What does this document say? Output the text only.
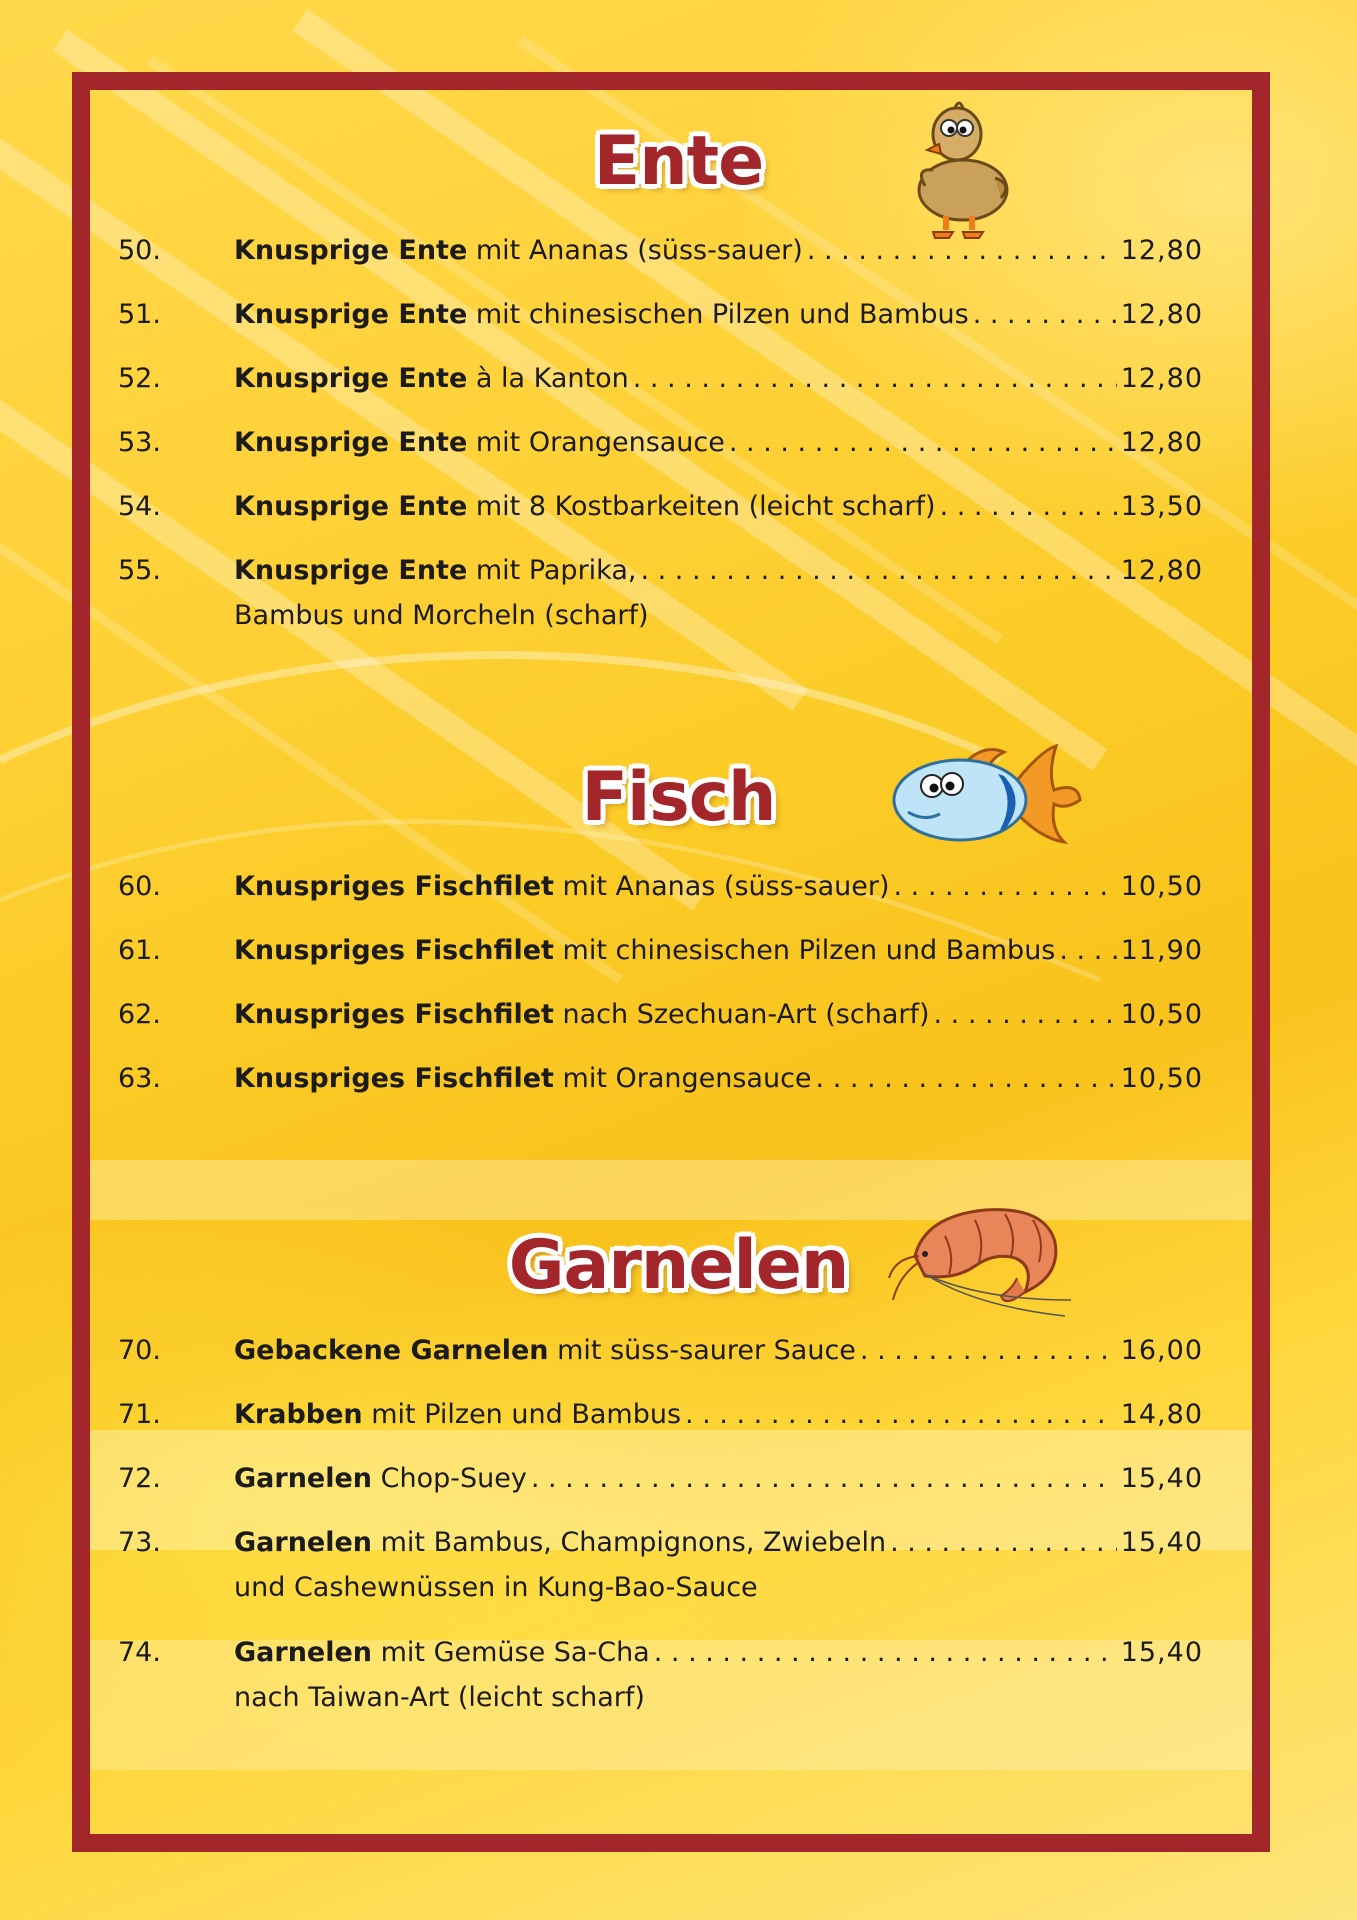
Ente
50.	Knusprige Ente mit Ananas (süss-sauer) . . .	12,80
51.	Knusprige Ente mit chinesischen Pilzen und Bambus . . .	12,80
52.	Knusprige Ente à la Kanton . . .	12,80
53.	Knusprige Ente mit Orangensauce . . .	12,80
54.	Knusprige Ente mit 8 Kostbarkeiten (leicht scharf) . . .	13,50
55.	Knusprige Ente mit Paprika, . . .	12,80
Bambus und Morcheln (scharf)
Fisch
60.	Knuspriges Fischfilet mit Ananas (süss-sauer) . . .	10,50
61.	Knuspriges Fischfilet mit chinesischen Pilzen und Bambus . . . 11,90
62.	Knuspriges Fischfilet nach Szechuan-Art (scharf) . . .	10,50
63.	Knuspriges Fischfilet mit Orangensauce . . .	10,50
Garnelen
70.	Gebackene Garnelen mit süss-saurer Sauce . . .	16,00
71.	Krabben mit Pilzen und Bambus . . .	14,80
72.	Garnelen Chop-Suey . . .	15,40
73.	Garnelen mit Bambus, Champignons, Zwiebeln . . .	15,40
und Cashewnüssen in Kung-Bao-Sauce
74.	Garnelen mit Gemüse Sa-Cha . . .	15,40
nach Taiwan-Art (leicht scharf)
